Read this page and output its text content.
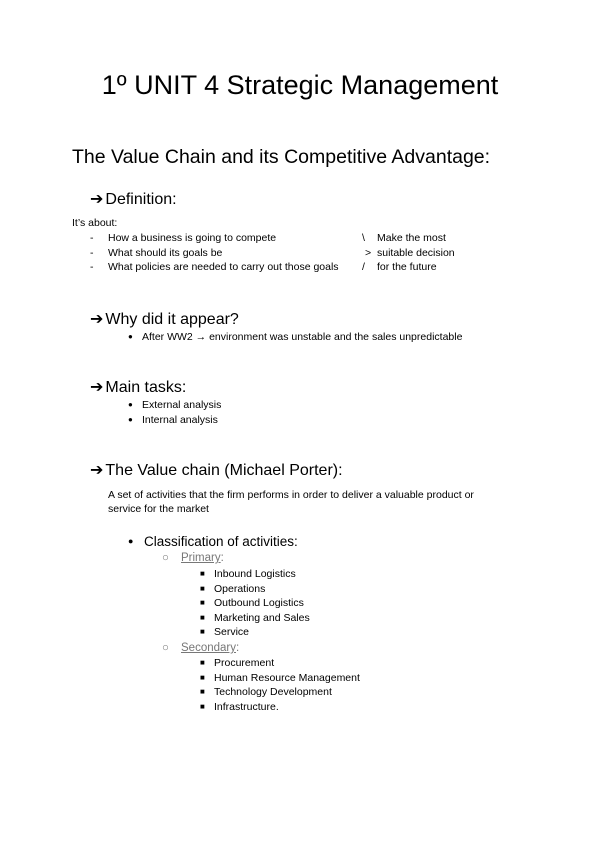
1º UNIT 4 Strategic Management
The Value Chain and its Competitive Advantage:
➔ Definition:
It’s about:
- How a business is going to compete	\ Make the most
- What should its goals be	> suitable decision
- What policies are needed to carry out those goals / for the future
➔ Why did it appear?
● After WW2 → environment was unstable and the sales unpredictable
➔ Main tasks:
● External analysis
● Internal analysis
➔ The Value chain (Michael Porter):
A set of activities that the firm performs in order to deliver a valuable product or
service for the market
● Classification of activities:
○ Primary:
■ Inbound Logistics
■ Operations
■ Outbound Logistics
■ Marketing and Sales
■ Service
○ Secondary:
■ Procurement
■ Human Resource Management
■ Technology Development
■ Infrastructure.
